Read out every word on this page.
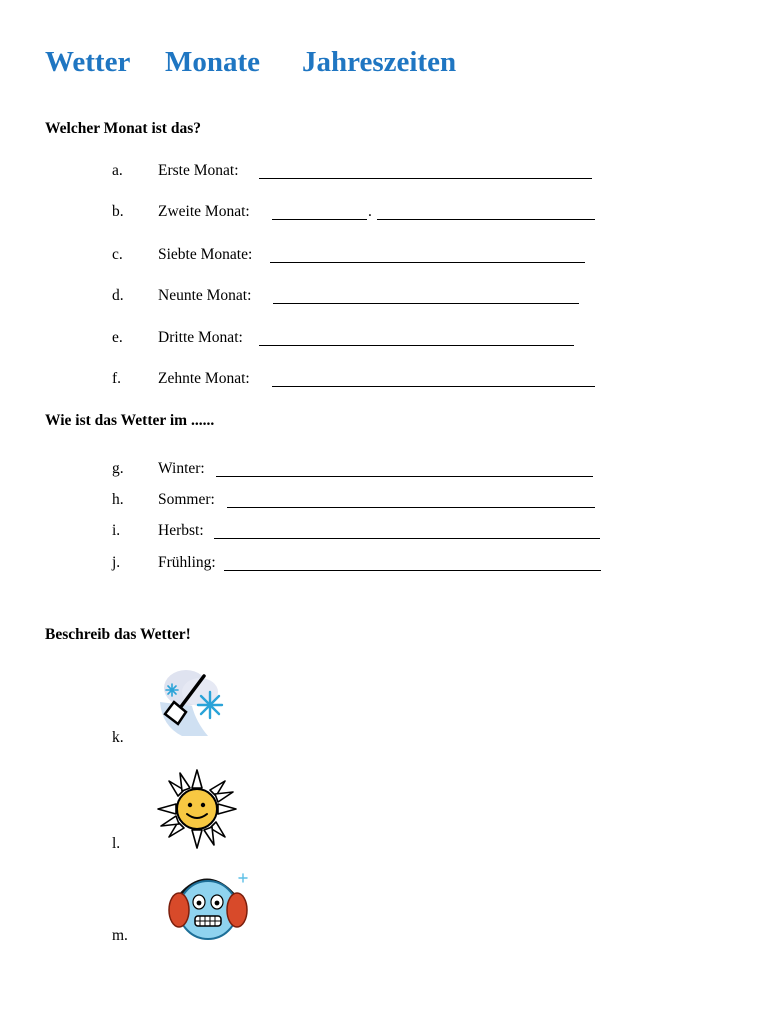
Wetter Monate Jahreszeiten
Welcher Monat ist das?
a. Erste Monat:
b. Zweite Monat:	.
c. Siebte Monate:
d. Neunte Monat:
e. Dritte Monat:
f. Zehnte Monat:
Wie ist das Wetter im ......
g. Winter:
h. Sommer:
i. Herbst:
j. Frühling:
Beschreib das Wetter!
k.
l.
m.
